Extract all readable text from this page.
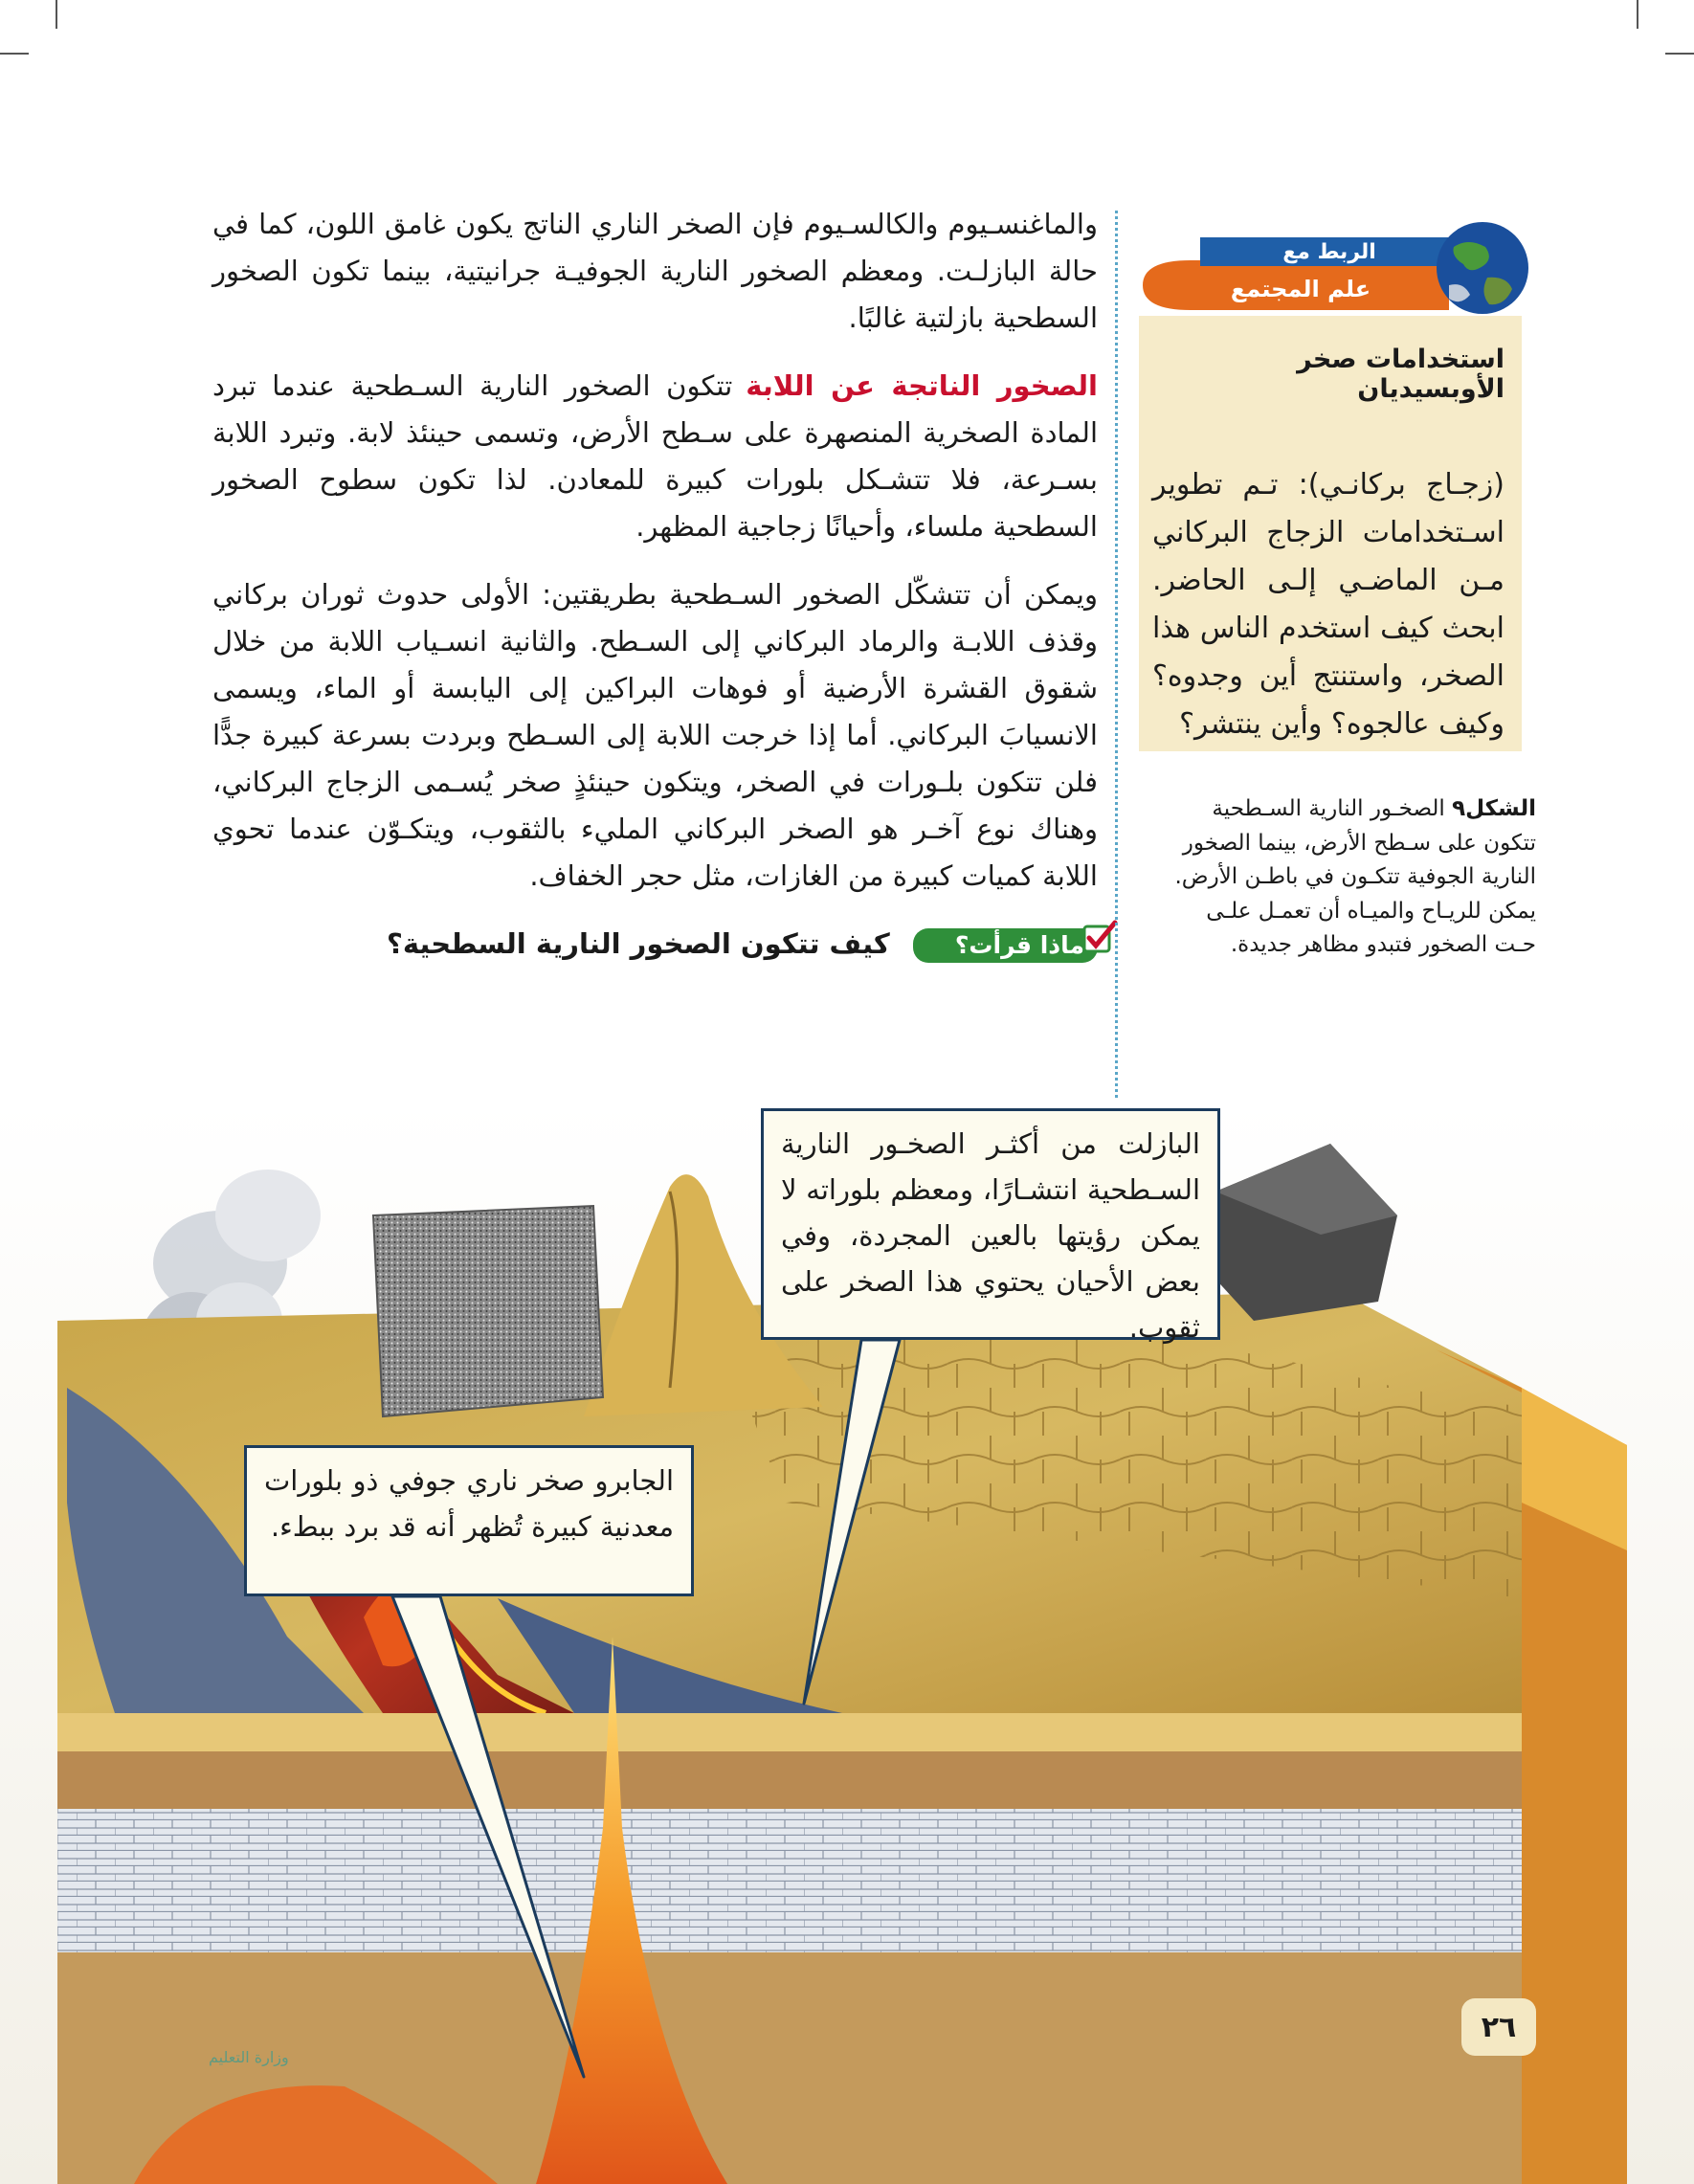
والماغنسـيوم والكالسـيوم فإن الصخر الناري الناتج يكون غامق اللون، كما في حالة البازلـت. ومعظم الصخور النارية الجوفيـة جرانيتية، بينما تكون الصخور السطحية بازلتية غالبًا.

الصخور الناتجة عن اللابةتتكون الصخور النارية السـطحية عندما تبرد المادة الصخرية المنصهرة على سـطح الأرض، وتسمى حينئذ لابة. وتبرد اللابة بسـرعة، فلا تتشـكل بلورات كبيرة للمعادن. لذا تكون سطوح الصخور السطحية ملساء، وأحيانًا زجاجية المظهر.

ويمكن أن تتشكّل الصخور السـطحية بطريقتين: الأولى حدوث ثوران بركاني وقذف اللابـة والرماد البركاني إلى السـطح. والثانية انسـياب اللابة من خلال شقوق القشرة الأرضية أو فوهات البراكين إلى اليابسة أو الماء، ويسمى الانسيابَ البركاني. أما إذا خرجت اللابة إلى السـطح وبردت بسرعة كبيرة جدًّا فلن تتكون بلـورات في الصخر، ويتكون حينئذٍ صخر يُسـمى الزجاج البركاني، وهناك نوع آخـر هو الصخر البركاني المليء بالثقوب، ويتكـوّن عندما تحوي اللابة كميات كبيرة من الغازات، مثل حجر الخفاف.

ماذا قرأت؟ كيف تتكون الصخور النارية السطحية؟
الربط مع
علم المجتمع

استخدامات صخر الأوبسيديان

(زجـاج بركانـي): تـم تطوير اسـتخدامات الزجاج البركاني مـن الماضـي إلـى الحاضر. ابحث كيف استخدم الناس هذا الصخر، واستنتج أين وجدوه؟ وكيف عالجوه؟ وأين ينتشر؟

الشكل٩ الصخـور النارية السـطحية تتكون على سـطح الأرض، بينما الصخور النارية الجوفية تتكـون في باطـن الأرض. يمكن للريـاح والميـاه أن تعمـل علـى حـت الصخور فتبدو مظاهر جديدة.
البازلت من أكثـر الصخـور النارية السـطحية انتشـارًا، ومعظم بلوراته لا يمكن رؤيتها بالعين المجردة، وفي بعض الأحيان يحتوي هذا الصخر على ثقوب.
الجابرو صخر ناري جوفي ذو بلورات معدنية كبيرة تُظهر أنه قد برد ببطء.
وزارة التعليم
٢٦
